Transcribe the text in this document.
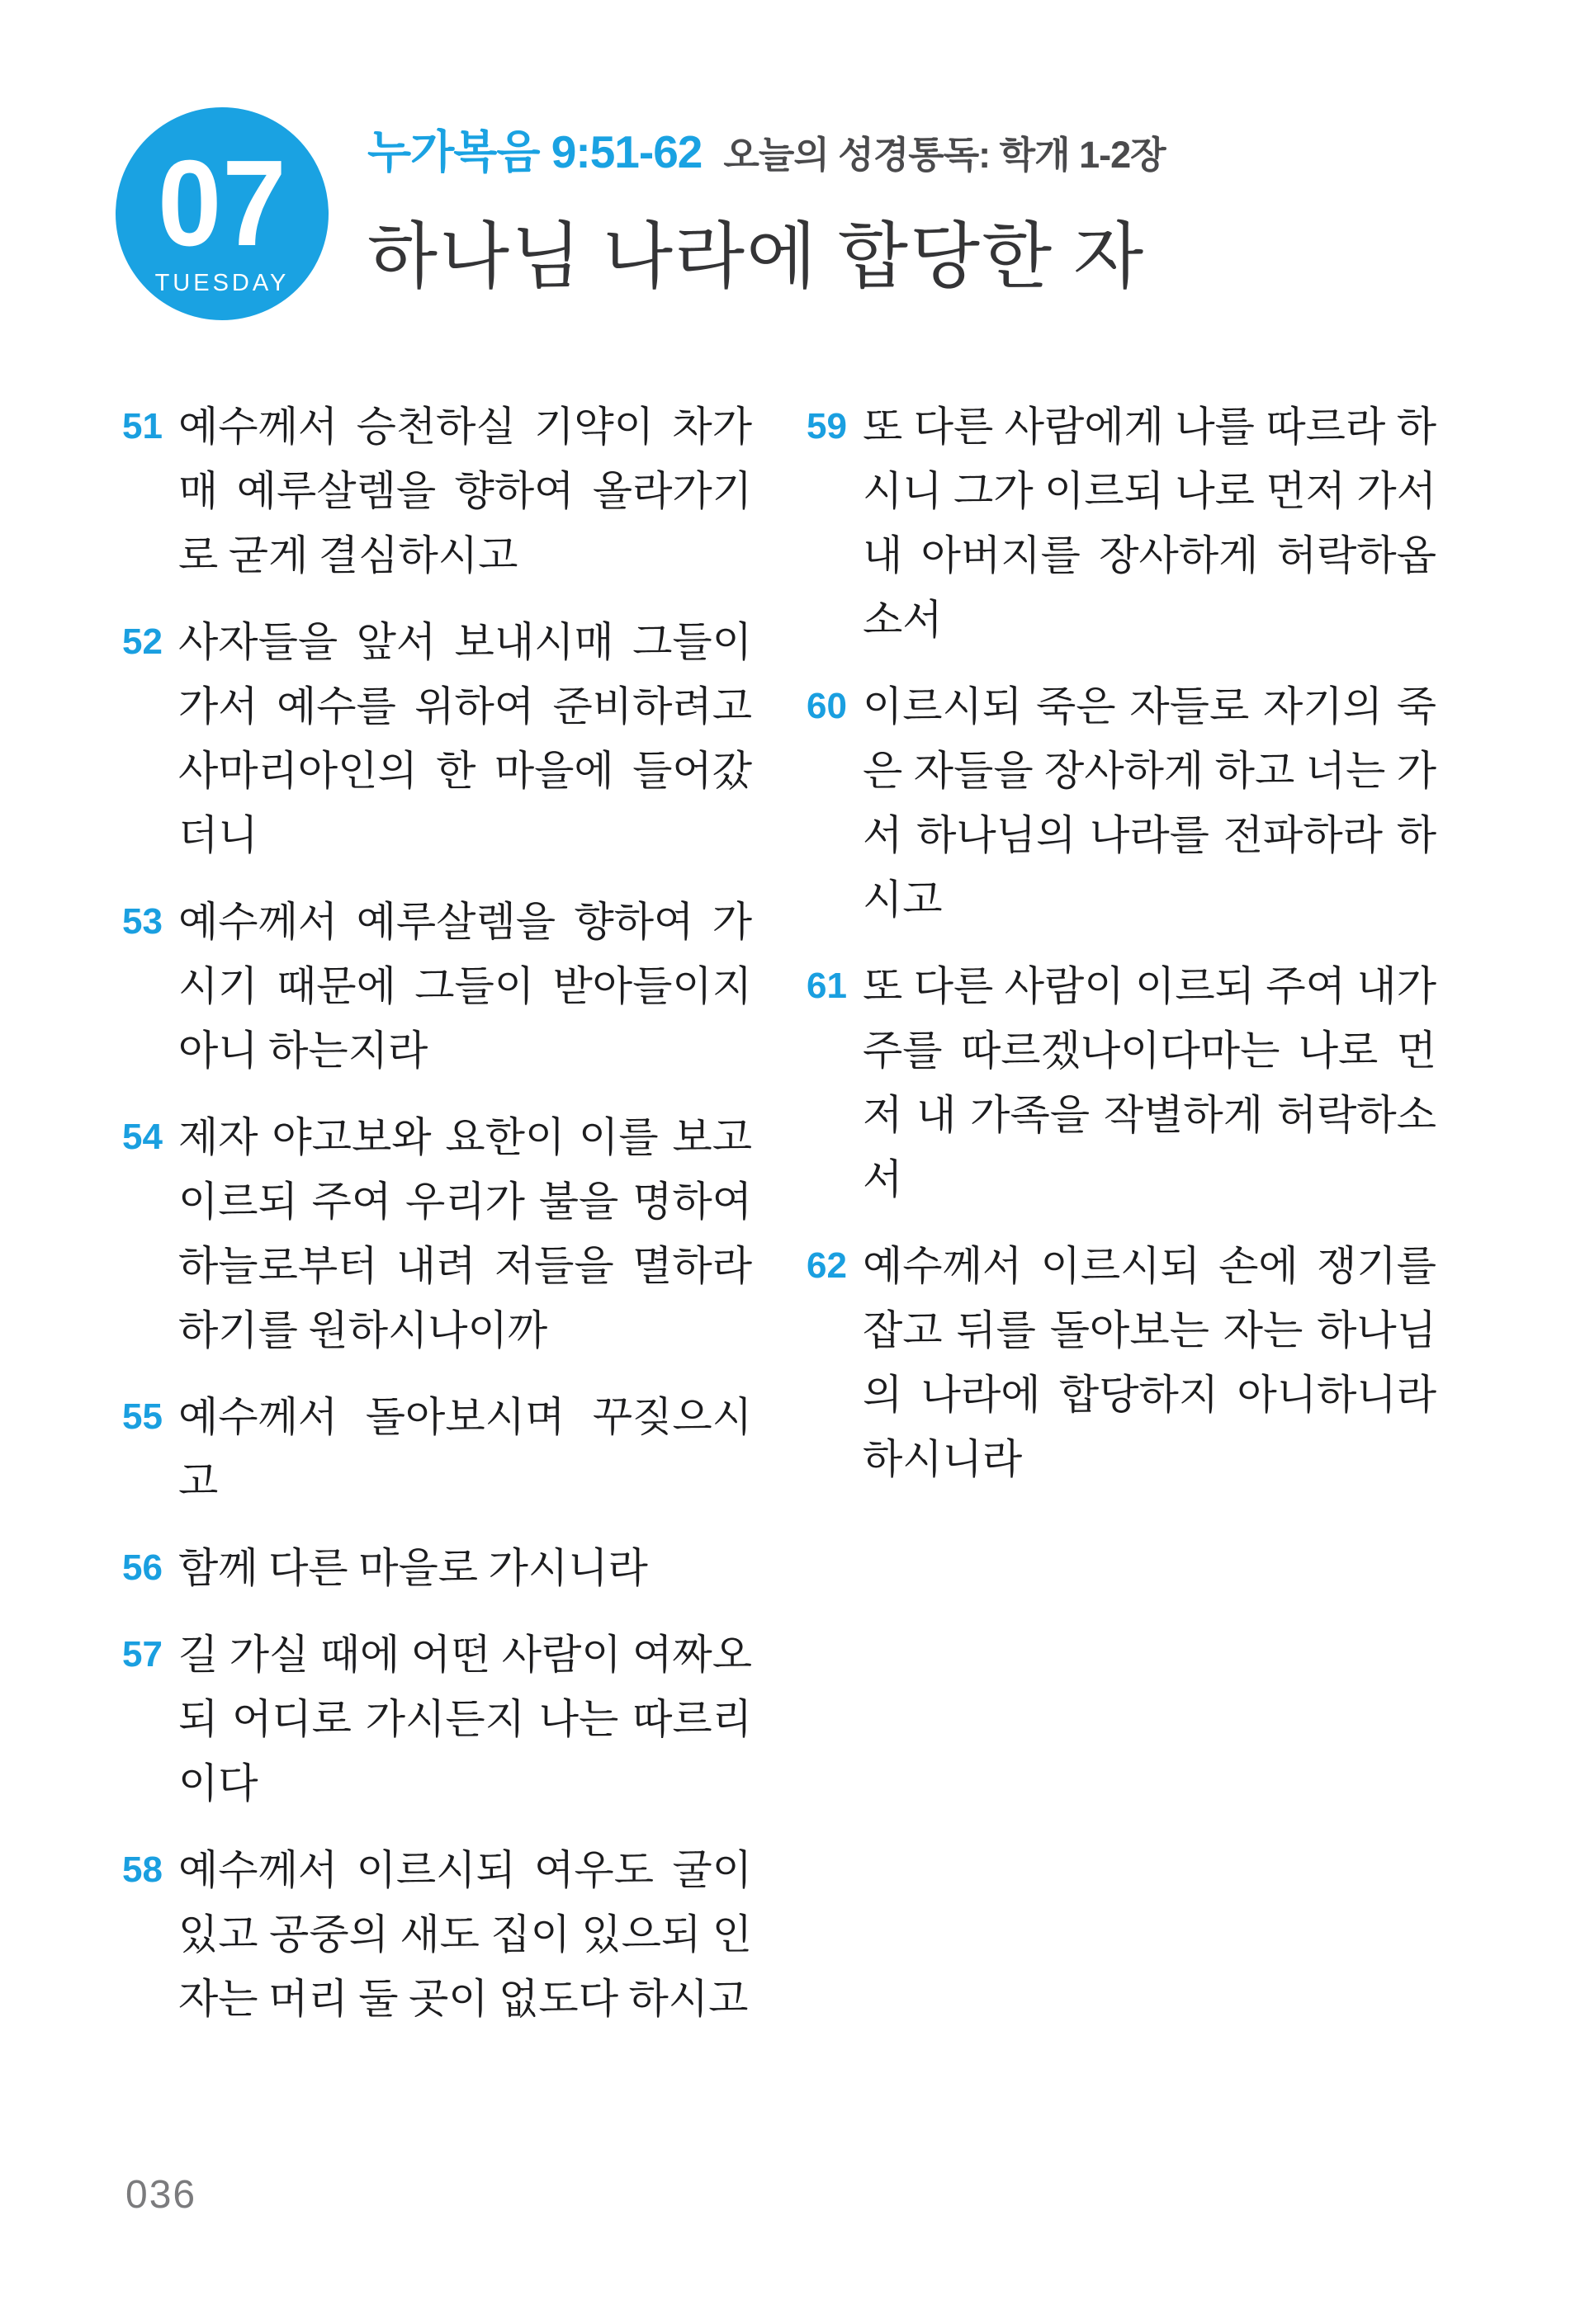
07
TUESDAY
누가복음 9:51-62 오늘의 성경통독: 학개 1-2장
하나님 나라에 합당한 자
51 예수께서 승천하실 기약이 차가
매 예루살렘을 향하여 올라가기
로 굳게 결심하시고
52 사자들을 앞서 보내시매 그들이
가서 예수를 위하여 준비하려고
사마리아인의 한 마을에 들어갔
더니
53 예수께서 예루살렘을 향하여 가
시기 때문에 그들이 받아들이지
아니 하는지라
54 제자 야고보와 요한이 이를 보고
이르되 주여 우리가 불을 명하여
하늘로부터 내려 저들을 멸하라
하기를 원하시나이까
55 예수께서 돌아보시며 꾸짖으시고
56 함께 다른 마을로 가시니라
57 길 가실 때에 어떤 사람이 여짜오
되 어디로 가시든지 나는 따르리
이다
58 예수께서 이르시되 여우도 굴이
있고 공중의 새도 집이 있으되 인
자는 머리 둘 곳이 없도다 하시고
59 또 다른 사람에게 나를 따르라 하
시니 그가 이르되 나로 먼저 가서
내 아버지를 장사하게 허락하옵
소서
60 이르시되 죽은 자들로 자기의 죽
은 자들을 장사하게 하고 너는 가
서 하나님의 나라를 전파하라 하
시고
61 또 다른 사람이 이르되 주여 내가
주를 따르겠나이다마는 나로 먼
저 내 가족을 작별하게 허락하소
서
62 예수께서 이르시되 손에 쟁기를
잡고 뒤를 돌아보는 자는 하나님
의 나라에 합당하지 아니하니라
하시니라
036
